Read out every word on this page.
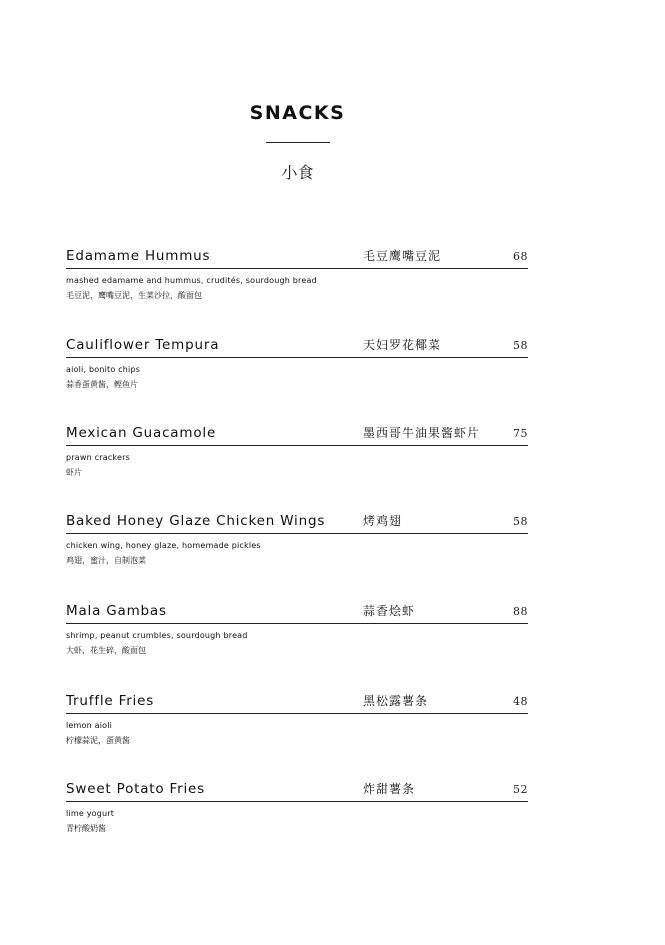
SNACKS
小食
Edamame Hummus	毛豆鹰嘴豆泥	68
mashed edamame and hummus, crudités, sourdough bread
毛豆泥，鹰嘴豆泥，生菜沙拉，酸面包
Cauliflower Tempura	天妇罗花椰菜	58
aioli, bonito chips
蒜香蛋黄酱，鲣鱼片
Mexican Guacamole	墨西哥牛油果酱虾片	75
prawn crackers
虾片
Baked Honey Glaze Chicken Wings	烤鸡翅	58
chicken wing, honey glaze, homemade pickles
鸡翅，蜜汁，自制泡菜
Mala Gambas	蒜香烩虾	88
shrimp, peanut crumbles, sourdough bread
大虾，花生碎，酸面包
Truffle Fries	黑松露薯条	48
lemon aioli
柠檬蒜泥，蛋黄酱
Sweet Potato Fries	炸甜薯条	52
lime yogurt
青柠酸奶酱
